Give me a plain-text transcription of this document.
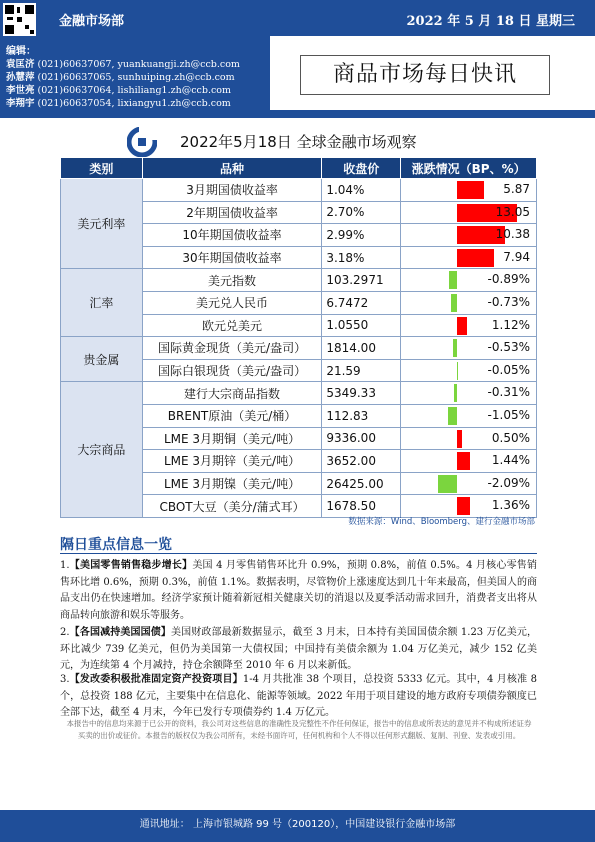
金融市场部	2022 年 5 月 18 日 星期三
编辑：
袁匡济 (021)60637067, yuankuangji.zh@ccb.com
孙慧萍 (021)60637065, sunhuiping.zh@ccb.com
李世亮 (021)60637064, lishiliang1.zh@ccb.com
李翔宇 (021)60637054, lixiangyu1.zh@ccb.com
商品市场每日快讯
2022年5月18日 全球金融市场观察
类别	品种	收盘价	涨跌情况（BP、%）
美元利率	3月期国债收益率	1.04%	5.87

	2年期国债收益率	2.70%	13.05

	10年期国债收益率	2.99%	10.38

	30年期国债收益率	3.18%	7.94

汇率	美元指数	103.2971	-0.89%

	美元兑人民币	6.7472	-0.73%

	欧元兑美元	1.0550	1.12%

贵金属	国际黄金现货（美元/盎司）	1814.00	-0.53%

	国际白银现货（美元/盎司）	21.59	-0.05%

大宗商品	建行大宗商品指数	5349.33	-0.31%

	BRENT原油（美元/桶）	112.83	-1.05%

	LME 3月期铜（美元/吨）	9336.00	0.50%

	LME 3月期锌（美元/吨）	3652.00	1.44%

	LME 3月期镍（美元/吨）	26425.00	-2.09%

	CBOT大豆（美分/蒲式耳）	1678.50	1.36%
数据来源：Wind、Bloomberg、建行金融市场部
隔日重点信息一览
1.【美国零售销售稳步增长】美国 4 月零售销售环比升 0.9%，预期 0.8%，前值 0.5%。4 月核心零售销售环比增 0.6%，预期 0.3%，前值 1.1%。数据表明，尽管物价上涨速度达到几十年来最高，但美国人的商品支出仍在快速增加。经济学家预计随着新冠相关健康关切的消退以及夏季活动需求回升，消费者支出将从商品转向旅游和娱乐等服务。
2.【各国减持美国国债】美国财政部最新数据显示，截至 3 月末，日本持有美国国债余额 1.23 万亿美元，环比减少 739 亿美元，但仍为美国第一大债权国；中国持有美债余额为 1.04 万亿美元，减少 152 亿美元，为连续第 4 个月减持，持仓余额降至 2010 年 6 月以来新低。
3.【发改委积极批准固定资产投资项目】1-4 月共批准 38 个项目，总投资 5333 亿元。其中，4 月核准 8 个，总投资 188 亿元，主要集中在信息化、能源等领域。2022 年用于项目建设的地方政府专项债券额度已全部下达，截至 4 月末，今年已发行专项债券约 1.4 万亿元。
本报告中的信息均来源于已公开的资料，我公司对这些信息的准确性及完整性不作任何保证，报告中的信息或所表达的意见并不构成所述证券买卖的出价或征价。本报告的版权仅为我公司所有，未经书面许可，任何机构和个人不得以任何形式翻版、复制、刊登、发表或引用。
通讯地址： 上海市银城路 99 号（200120），中国建设银行金融市场部
